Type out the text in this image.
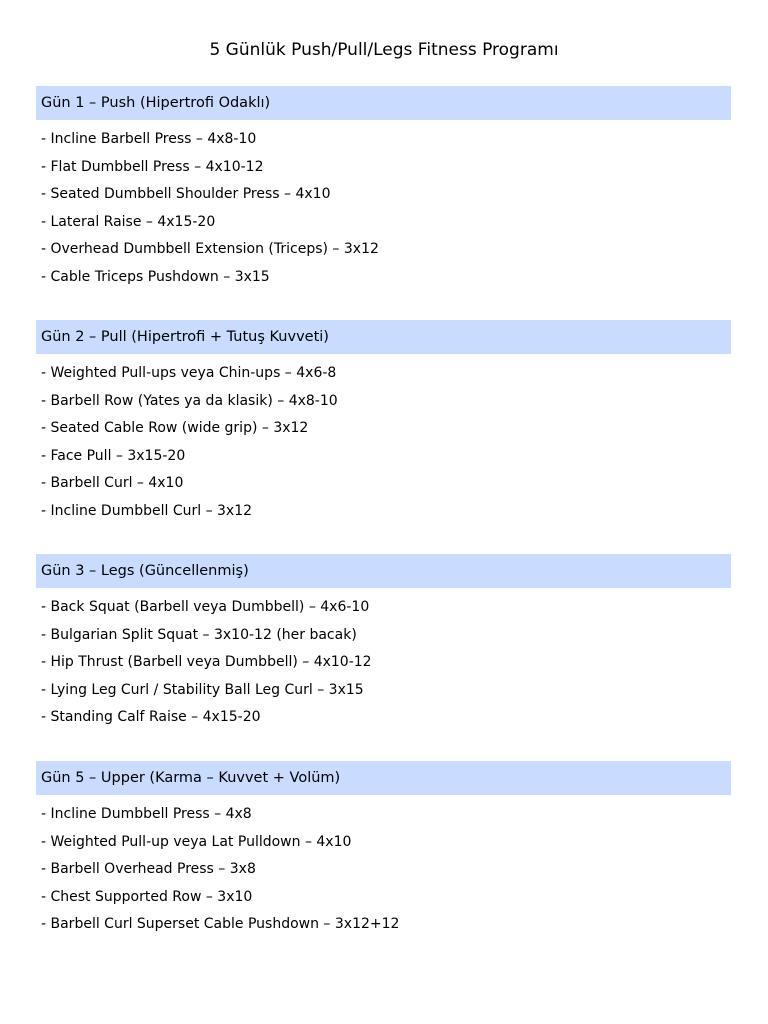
5 Günlük Push/Pull/Legs Fitness Programı
Gün 1 – Push (Hipertrofi Odaklı)
- Incline Barbell Press – 4x8-10
- Flat Dumbbell Press – 4x10-12
- Seated Dumbbell Shoulder Press – 4x10
- Lateral Raise – 4x15-20
- Overhead Dumbbell Extension (Triceps) – 3x12
- Cable Triceps Pushdown – 3x15
Gün 2 – Pull (Hipertrofi + Tutuş Kuvveti)
- Weighted Pull-ups veya Chin-ups – 4x6-8
- Barbell Row (Yates ya da klasik) – 4x8-10
- Seated Cable Row (wide grip) – 3x12
- Face Pull – 3x15-20
- Barbell Curl – 4x10
- Incline Dumbbell Curl – 3x12
Gün 3 – Legs (Güncellenmiş)
- Back Squat (Barbell veya Dumbbell) – 4x6-10
- Bulgarian Split Squat – 3x10-12 (her bacak)
- Hip Thrust (Barbell veya Dumbbell) – 4x10-12
- Lying Leg Curl / Stability Ball Leg Curl – 3x15
- Standing Calf Raise – 4x15-20
Gün 5 – Upper (Karma – Kuvvet + Volüm)
- Incline Dumbbell Press – 4x8
- Weighted Pull-up veya Lat Pulldown – 4x10
- Barbell Overhead Press – 3x8
- Chest Supported Row – 3x10
- Barbell Curl Superset Cable Pushdown – 3x12+12
